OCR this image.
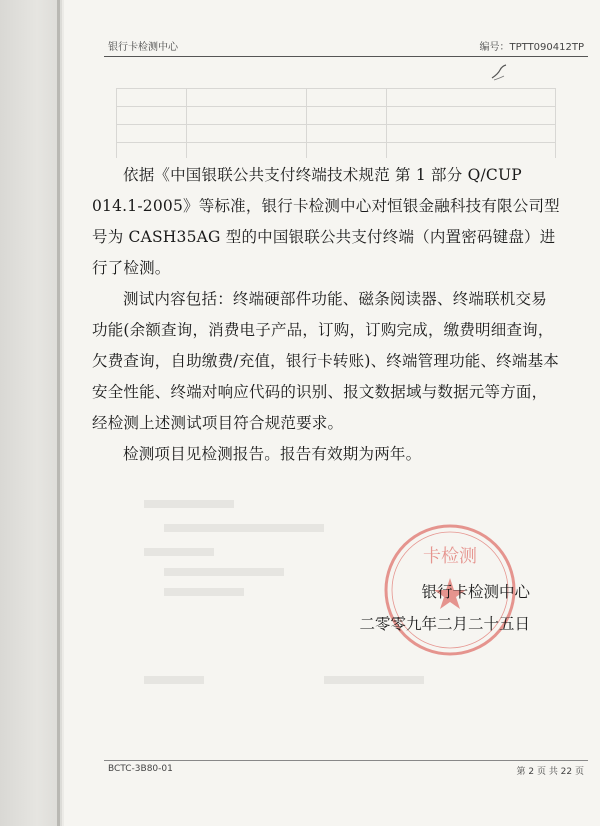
银行卡检测中心	编号：TPTT090412TP

依据《中国银联公共支付终端技术规范 第 1 部分 Q/CUP 014.1-2005》等标准，银行卡检测中心对恒银金融科技有限公司型号为 CASH35AG 型的中国银联公共支付终端（内置密码键盘）进行了检测。

测试内容包括：终端硬部件功能、磁条阅读器、终端联机交易功能(余额查询，消费电子产品，订购，订购完成，缴费明细查询，欠费查询，自助缴费/充值，银行卡转账)、终端管理功能、终端基本安全性能、终端对响应代码的识别、报文数据域与数据元等方面，经检测上述测试项目符合规范要求。

检测项目见检测报告。报告有效期为两年。

卡检测
银行卡检测中心
二零零九年二月二十五日
BCTC-3B80-01	第 2 页 共 22 页
